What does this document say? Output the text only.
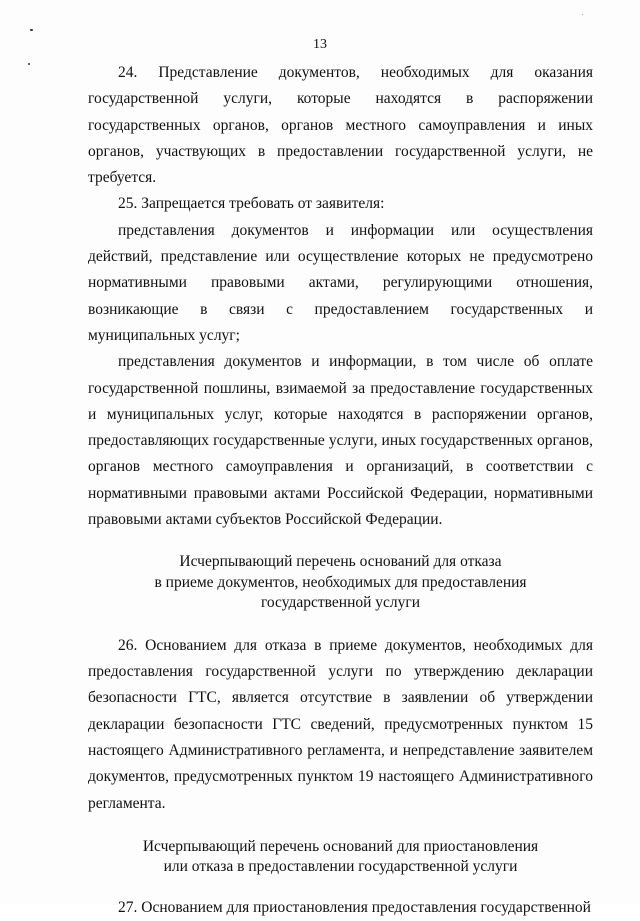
13

24. Представление документов, необходимых для оказания государственной услуги, которые находятся в распоряжении государственных органов, органов местного самоуправления и иных органов, участвующих в предоставлении государственной услуги, не требуется.

25. Запрещается требовать от заявителя:

представления документов и информации или осуществления действий, представление или осуществление которых не предусмотрено нормативными правовыми актами, регулирующими отношения, возникающие в связи с предоставлением государственных и муниципальных услуг;

представления документов и информации, в том числе об оплате государственной пошлины, взимаемой за предоставление государственных и муниципальных услуг, которые находятся в распоряжении органов, предоставляющих государственные услуги, иных государственных органов, органов местного самоуправления и организаций, в соответствии с нормативными правовыми актами Российской Федерации, нормативными правовыми актами субъектов Российской Федерации.

Исчерпывающий перечень оснований для отказа
в приеме документов, необходимых для предоставления
государственной услуги

26. Основанием для отказа в приеме документов, необходимых для предоставления государственной услуги по утверждению декларации безопасности ГТС, является отсутствие в заявлении об утверждении декларации безопасности ГТС сведений, предусмотренных пунктом 15 настоящего Административного регламента, и непредставление заявителем документов, предусмотренных пунктом 19 настоящего Административного регламента.

Исчерпывающий перечень оснований для приостановления
или отказа в предоставлении государственной услуги

27. Основанием для приостановления предоставления государственной
